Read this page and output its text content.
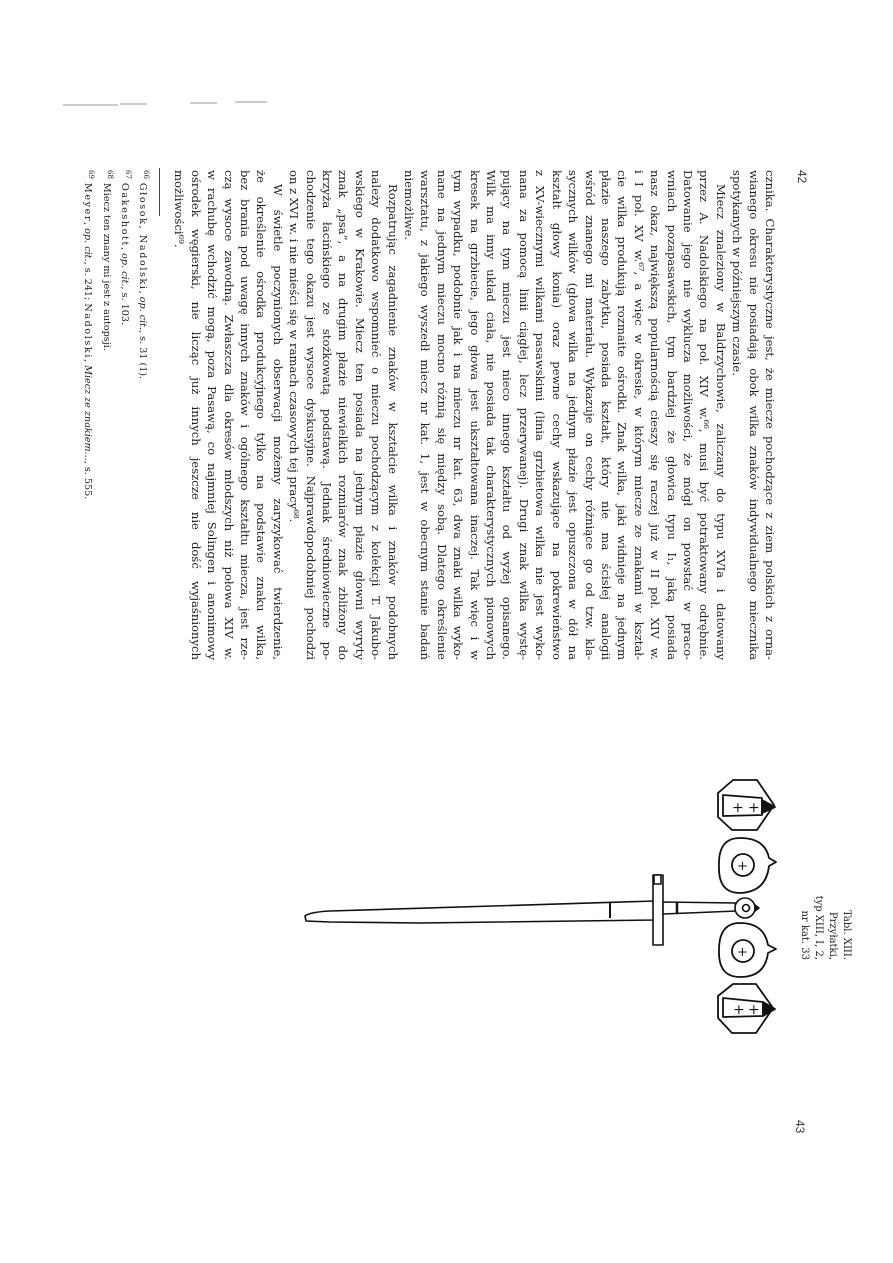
+ +
+
+
+ +
42
43
cznika. Charakterystyczne jest, że miecze pochodzące z ziem polskich z orna-
wianego okresu nie posiadają obok wilka znaków indywidualnego miecznika
spotykanych w późniejszym czasie.
Miecz znaleziony w Baldrzychowie, zaliczany do typu XVIa i datowany
przez A. Nadolskiego na poł. XIV w.⁶⁶, musi być potraktowany odrębnie.
Datowanie jego nie wyklucza możliwości, że mógł on powstać w praco-
wniach pozapasawskich, tym bardziej że głowica typu I₁, jaką posiada
nasz okaz, największą popularnością cieszy się raczej już w II poł. XIV w.
i I poł. XV w.⁶⁷, a więc w okresie, w którym miecze ze znakami w kształ-
cie wilka produkują rozmaite ośrodki. Znak wilka, jaki widnieje na jednym
płazie naszego zabytku, posiada kształt, który nie ma ścisłej analogii
wśród znanego mi materiału. Wykazuje on cechy różniące go od tzw. kla-
sycznych wilków (głowa wilka na jednym płazie jest opuszczona w dół na
kształt głowy konia) oraz pewne cechy wskazujące na pokrewieństwo
z XV-wiecznymi wilkami pasawskimi (linia grzbietowa wilka nie jest wyko-
nana za pomocą linii ciągłej, lecz przerywanej). Drugi znak wilka wystę-
pujący na tym mieczu jest nieco innego kształtu od wyżej opisanego.
Wilk ma inny układ ciała, nie posiada tak charakterystycznych pionowych
kresek na grzbiecie, jego głowa jest ukształtowana inaczej. Tak więc i w
tym wypadku, podobnie jak i na mieczu nr kat. 63, dwa znaki wilka wyko-
nane na jednym mieczu mocno różnią się między sobą. Dlatego określenie
warsztatu, z jakiego wyszedł miecz nr kat. 1, jest w obecnym stanie badań
niemożliwe.
Rozpatrując zagadnienie znaków w kształcie wilka i znaków podobnych
należy dodatkowo wspomnieć o mieczu pochodzącym z kolekcji T. Jakubo-
wskiego w Krakowie. Miecz ten posiada na jednym płazie głowni wyryty
znak „psa”, a na drugim płazie niewielkich rozmiarów znak zbliżony do
krzyża łacińskiego ze stożkowatą podstawą. Jednak średniowieczne po-
chodzenie tego okazu jest wysoce dyskusyjne. Najprawdopodobniej pochodzi
on z XVI w. i nie mieści się w ramach czasowych tej pracy⁶⁸.
W świetle poczynionych obserwacji możemy zaryzykować twierdzenie,
że określenie ośrodka produkcyjnego tylko na podstawie znaku wilka,
bez brania pod uwagę innych znaków i ogólnego kształtu miecza, jest rze-
czą wysoce zawodną. Zwłaszcza dla okresów młodszych niż połowa XIV w.
w rachubę wchodzić mogą, poza Pasawą, co najmniej Solingen i anonimowy
ośrodek węgierski, nie licząc już innych jeszcze nie dość wyjaśnionych
możliwości⁶⁹.
$^{66}$Głosok, Nadolski, op. cit., s. 31 (1).
$^{67}$Oakeshott, op. cit., s. 103.
$^{68}$Miecz ten znany mi jest z autopsji.
$^{69}$Meyer, op. cit., s. 241; Nadolski, Miecz ze znakiem..., s. 555.
Tabl. XIII.
Przyłatki,
typ XIII, I, 2,
nr kat. 33
